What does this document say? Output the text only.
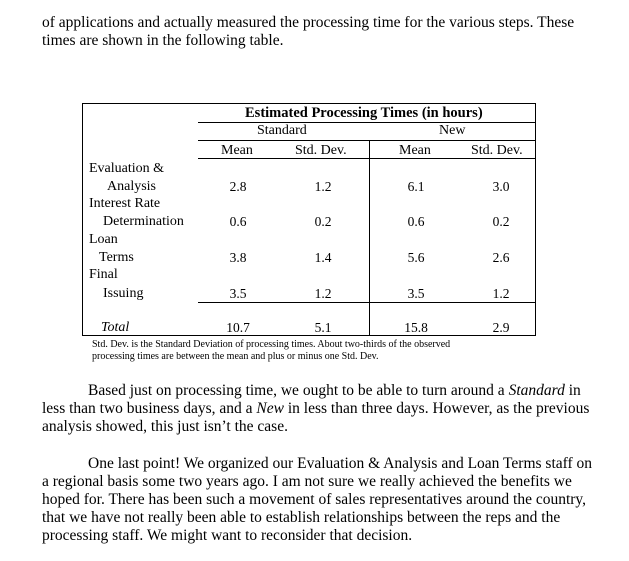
of applications and actually measured the processing time for the various steps. These
times are shown in the following table.
Estimated Processing Times (in hours)
Standard	New
Mean	Std. Dev.	Mean	Std. Dev.
Evaluation &
Analysis	2.8	1.2	6.1	3.0
Interest Rate
Determination	0.6	0.2	0.6	0.2
Loan
Terms	3.8	1.4	5.6	2.6
Final
Issuing	3.5	1.2	3.5	1.2
Total	10.7	5.1	15.8	2.9
Std. Dev. is the Standard Deviation of processing times. About two-thirds of the observed
processing times are between the mean and plus or minus one Std. Dev.
Based just on processing time, we ought to be able to turn around a Standard in
less than two business days, and a New in less than three days. However, as the previous
analysis showed, this just isn’t the case.
One last point! We organized our Evaluation & Analysis and Loan Terms staff on
a regional basis some two years ago. I am not sure we really achieved the benefits we
hoped for. There has been such a movement of sales representatives around the country,
that we have not really been able to establish relationships between the reps and the
processing staff. We might want to reconsider that decision.
